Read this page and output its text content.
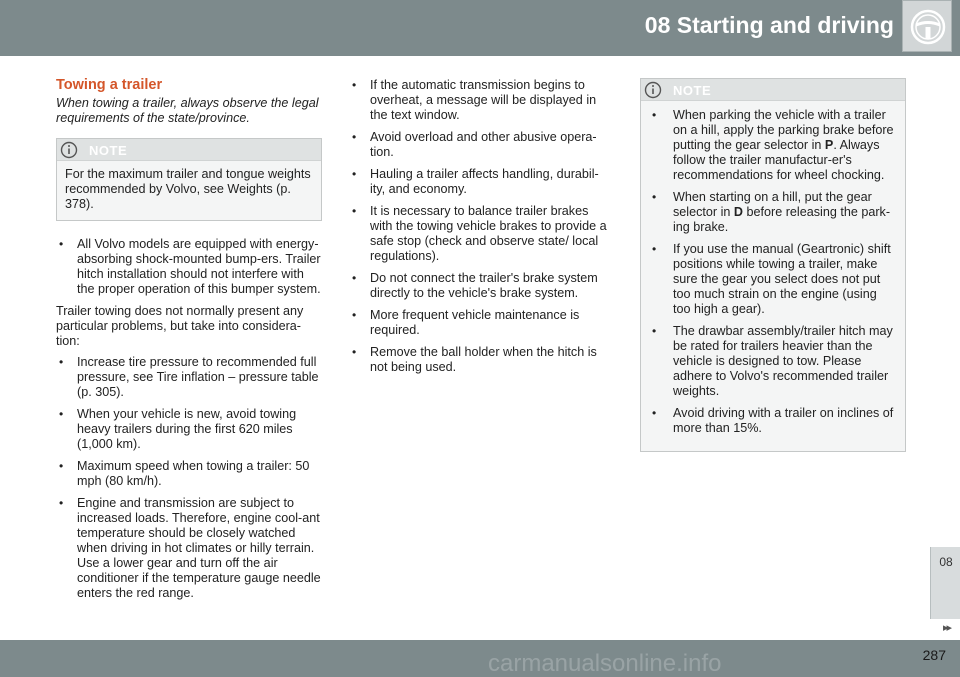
08 Starting and driving
Towing a trailer
When towing a trailer, always observe the legal requirements of the state/province.
NOTE
For the maximum trailer and tongue weights recommended by Volvo, see Weights (p. 378).
• All Volvo models are equipped with energy-absorbing shock-mounted bump-ers. Trailer hitch installation should not interfere with the proper operation of this bumper system.
Trailer towing does not normally present any particular problems, but take into considera-tion:
• Increase tire pressure to recommended full pressure, see Tire inflation – pressure table (p. 305).
• When your vehicle is new, avoid towing heavy trailers during the first 620 miles (1,000 km).
• Maximum speed when towing a trailer: 50 mph (80 km/h).
• Engine and transmission are subject to increased loads. Therefore, engine cool-ant temperature should be closely watched when driving in hot climates or hilly terrain. Use a lower gear and turn off the air conditioner if the temperature gauge needle enters the red range.
• If the automatic transmission begins to overheat, a message will be displayed in the text window.
• Avoid overload and other abusive opera-tion.
• Hauling a trailer affects handling, durabil-ity, and economy.
• It is necessary to balance trailer brakes with the towing vehicle brakes to provide a safe stop (check and observe state/ local regulations).
• Do not connect the trailer's brake system directly to the vehicle's brake system.
• More frequent vehicle maintenance is required.
• Remove the ball holder when the hitch is not being used.
NOTE
• When parking the vehicle with a trailer on a hill, apply the parking brake before putting the gear selector in P. Always follow the trailer manufactur-er's recommendations for wheel chocking.
• When starting on a hill, put the gear selector in D before releasing the park-ing brake.
• If you use the manual (Geartronic) shift positions while towing a trailer, make sure the gear you select does not put too much strain on the engine (using too high a gear).
• The drawbar assembly/trailer hitch may be rated for trailers heavier than the vehicle is designed to tow. Please adhere to Volvo's recommended trailer weights.
• Avoid driving with a trailer on inclines of more than 15%.
08
▸▸
287
carmanualsonline.info
